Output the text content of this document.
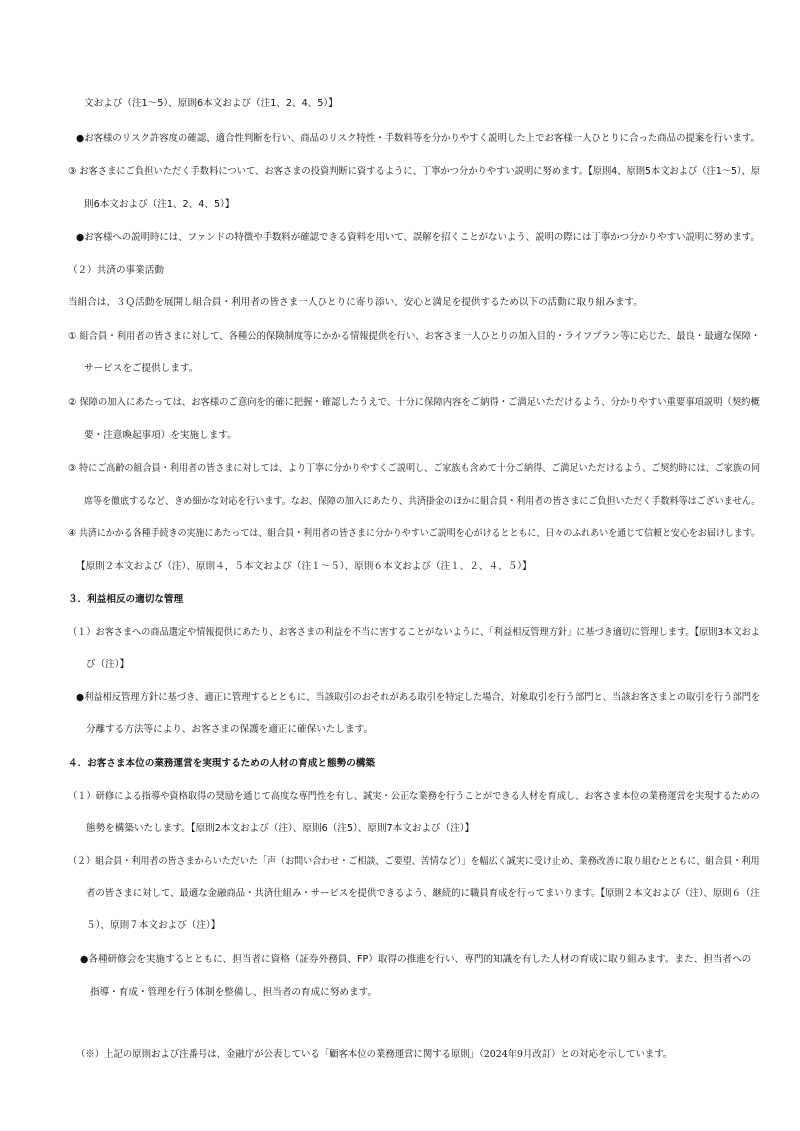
文および（注1～5）、原則6本文および（注1、2、4、5）】
●お客様のリスク許容度の確認、適合性判断を行い、商品のリスク特性・手数料等を分かりやすく説明した上でお客様一人ひとりに合った商品の提案を行います。
③ お客さまにご負担いただく手数料について、お客さまの投資判断に資するように、丁寧かつ分かりやすい説明に努めます。【原則4、原則5本文および（注1～5）、原
則6本文および（注1、2、4、5）】
●お客様への説明時には、ファンドの特徴や手数料が確認できる資料を用いて、誤解を招くことがないよう、説明の際には丁寧かつ分かりやすい説明に努めます。
（２）共済の事業活動
当組合は、３Ｑ活動を展開し組合員・利用者の皆さま一人ひとりに寄り添い、安心と満足を提供するため以下の活動に取り組みます。
① 組合員・利用者の皆さまに対して、各種公的保険制度等にかかる情報提供を行い、お客さま一人ひとりの加入目的・ライフプラン等に応じた、最良・最適な保障・
サービスをご提供します。
② 保障の加入にあたっては、お客様のご意向を的確に把握・確認したうえで、十分に保障内容をご納得・ご満足いただけるよう、分かりやすい重要事項説明（契約概
要・注意喚起事項）を実施します。
③ 特にご高齢の組合員・利用者の皆さまに対しては、より丁寧に分かりやすくご説明し、ご家族も含めて十分ご納得、ご満足いただけるよう、ご契約時には、ご家族の同
席等を徹底するなど、きめ細かな対応を行います。なお、保障の加入にあたり、共済掛金のほかに組合員・利用者の皆さまにご負担いただく手数料等はございません。
④ 共済にかかる各種手続きの実施にあたっては、組合員・利用者の皆さまに分かりやすいご説明を心がけるとともに、日々のふれあいを通じて信頼と安心をお届けします。
【原則２本文および（注）、原則４，５本文および（注１～５）、原則６本文および（注１、２、４、５）】
３．利益相反の適切な管理
（１）お客さまへの商品選定や情報提供にあたり、お客さまの利益を不当に害することがないように、「利益相反管理方針」に基づき適切に管理します。【原則3本文およ
び（注）】
●利益相反管理方針に基づき、適正に管理するとともに、当該取引のおそれがある取引を特定した場合、対象取引を行う部門と、当該お客さまとの取引を行う部門を
分離する方法等により、お客さまの保護を適正に確保いたします。
４．お客さま本位の業務運営を実現するための人材の育成と態勢の構築
（１）研修による指導や資格取得の奨励を通じて高度な専門性を有し、誠実・公正な業務を行うことができる人材を育成し、お客さま本位の業務運営を実現するための
態勢を構築いたします。【原則2本文および（注）、原則6（注5）、原則7本文および（注）】
（２）組合員・利用者の皆さまからいただいた「声（お問い合わせ・ご相談、ご要望、苦情など）」を幅広く誠実に受け止め、業務改善に取り組むとともに、組合員・利用
者の皆さまに対して、最適な金融商品・共済仕組み・サービスを提供できるよう、継続的に職員育成を行ってまいります。【原則２本文および（注）、原則６（注
５）、原則７本文および（注）】
●各種研修会を実施するとともに、担当者に資格（証券外務員、FP）取得の推進を行い、専門的知識を有した人材の育成に取り組みます。また、担当者への
指導・育成・管理を行う体制を整備し、担当者の育成に努めます。
（※）上記の原則および注番号は、金融庁が公表している「顧客本位の業務運営に関する原則」（2024年9月改訂）との対応を示しています。
